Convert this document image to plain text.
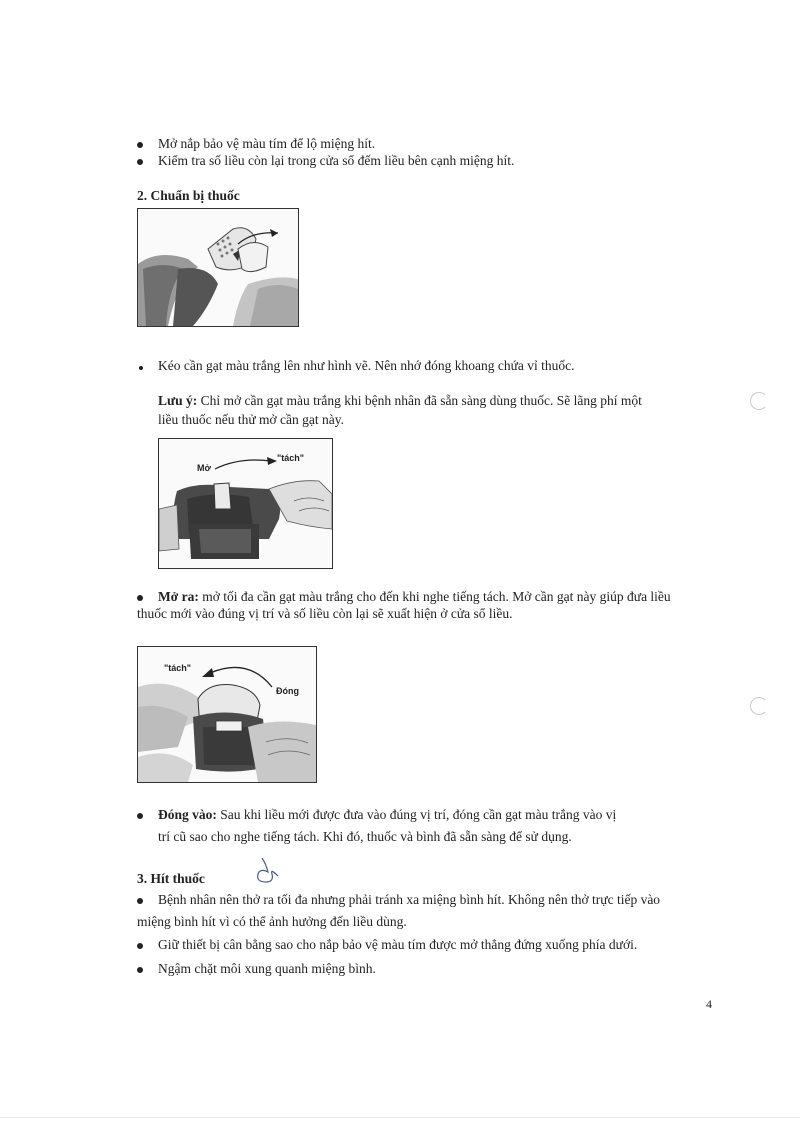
Mở nắp bảo vệ màu tím để lộ miệng hít.
Kiểm tra số liều còn lại trong cửa sổ đếm liều bên cạnh miệng hít.
2. Chuẩn bị thuốc
Kéo cần gạt màu trắng lên như hình vẽ. Nên nhớ đóng khoang chứa vỉ thuốc.
Lưu ý: Chỉ mở cần gạt màu trắng khi bệnh nhân đã sẵn sàng dùng thuốc. Sẽ lãng phí một
liều thuốc nếu thử mở cần gạt này.
Mở
"tách"
Mở ra: mở tối đa cần gạt màu trắng cho đến khi nghe tiếng tách. Mở cần gạt này giúp đưa liều
thuốc mới vào đúng vị trí và số liều còn lại sẽ xuất hiện ở cửa sổ liều.
"tách"
Đóng
Đóng vào: Sau khi liều mới được đưa vào đúng vị trí, đóng cần gạt màu trắng vào vị
trí cũ sao cho nghe tiếng tách. Khi đó, thuốc và bình đã sẵn sàng để sử dụng.
3. Hít thuốc
Bệnh nhân nên thở ra tối đa nhưng phải tránh xa miệng bình hít. Không nên thở trực tiếp vào
miệng bình hít vì có thể ảnh hưởng đến liều dùng.
Giữ thiết bị cân bằng sao cho nắp bảo vệ màu tím được mở thẳng đứng xuống phía dưới.
Ngậm chặt môi xung quanh miệng bình.
4
